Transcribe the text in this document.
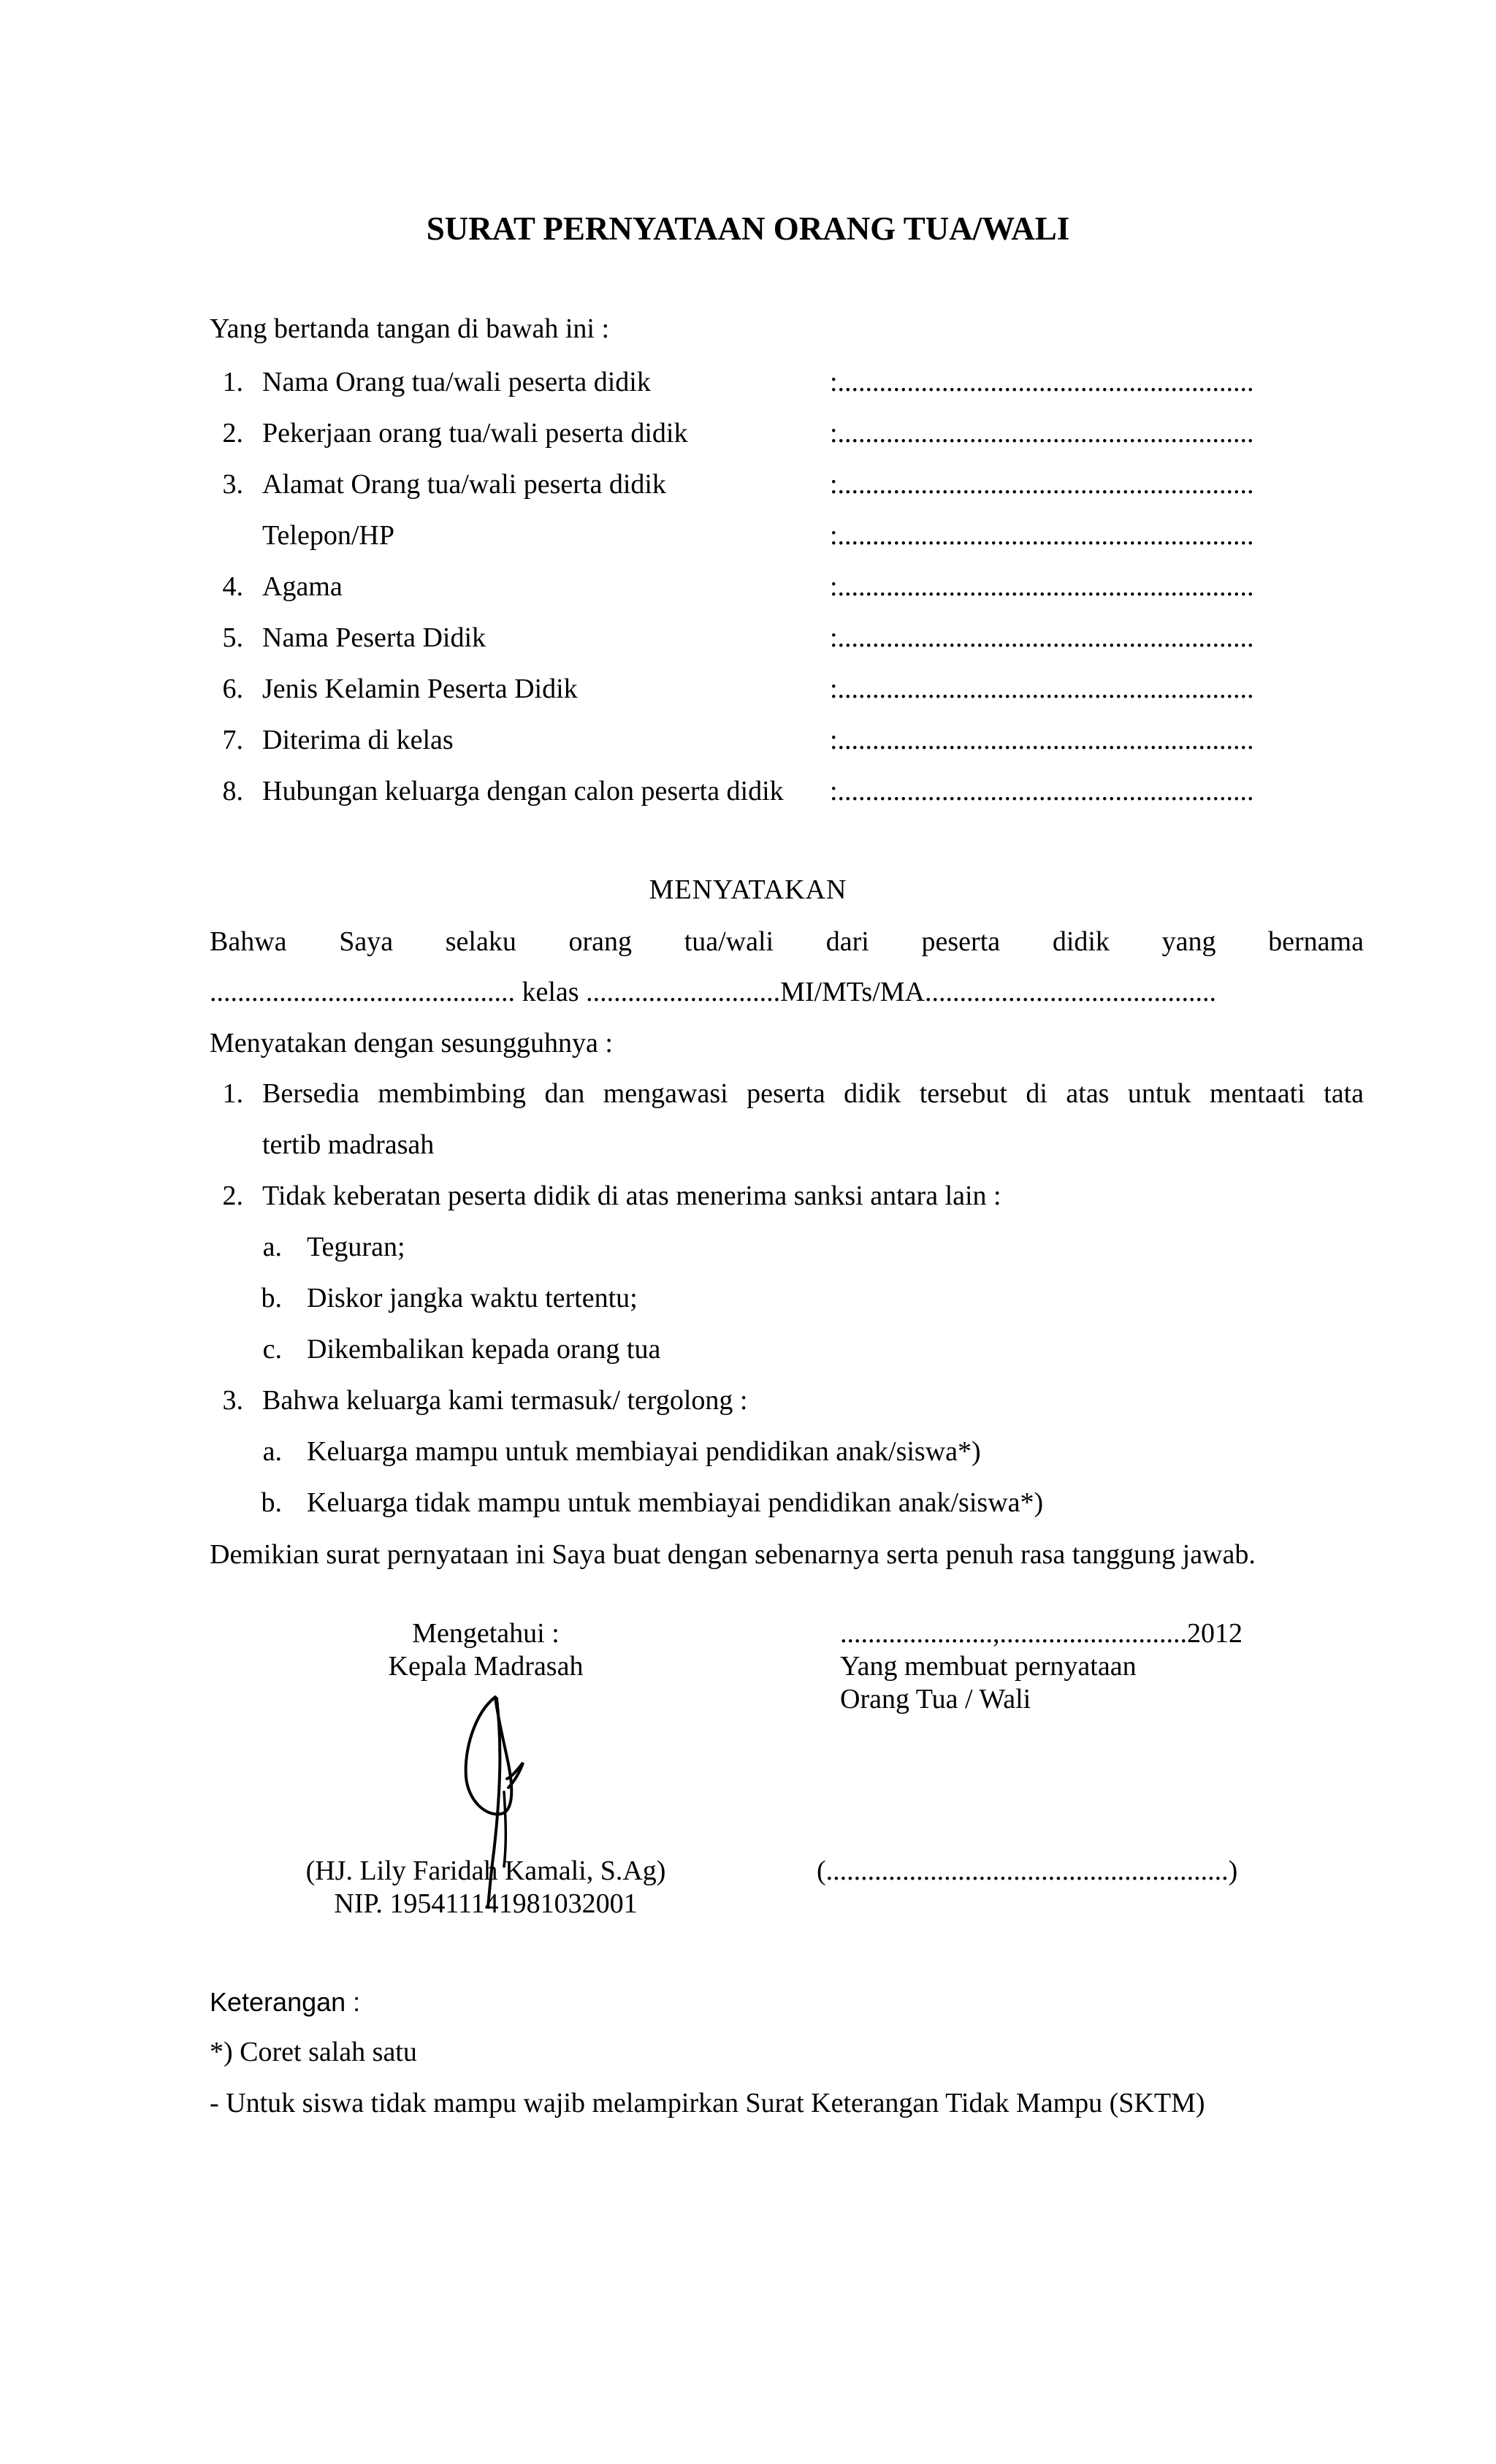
SURAT PERNYATAAN ORANG TUA/WALI
Yang bertanda tangan di bawah ini :
1. Nama Orang tua/wali peserta didik	:............................................................
2. Pekerjaan orang tua/wali peserta didik	:............................................................
3. Alamat Orang tua/wali peserta didik	:............................................................
Telepon/HP	:............................................................
4. Agama	:............................................................
5. Nama Peserta Didik	:............................................................
6. Jenis Kelamin Peserta Didik	:............................................................
7. Diterima di kelas	:............................................................
8. Hubungan keluarga dengan calon peserta didik :............................................................
MENYATAKAN
Bahwa Saya selaku orang tua/wali dari peserta didik yang bernama
............................................ kelas ............................MI/MTs/MA..........................................
Menyatakan dengan sesungguhnya :
1. Bersedia membimbing dan mengawasi peserta didik tersebut di atas untuk mentaati tata
tertib madrasah
2. Tidak keberatan peserta didik di atas menerima sanksi antara lain :
a. Teguran;
b. Diskor jangka waktu tertentu;
c. Dikembalikan kepada orang tua
3. Bahwa keluarga kami termasuk/ tergolong :
a. Keluarga mampu untuk membiayai pendidikan anak/siswa*)
b. Keluarga tidak mampu untuk membiayai pendidikan anak/siswa*)
Demikian surat pernyataan ini Saya buat dengan sebenarnya serta penuh rasa tanggung jawab.
Mengetahui :
Kepala Madrasah
(HJ. Lily Faridah Kamali, S.Ag)
NIP. 195411141981032001
......................,...........................2012
Yang membuat pernyataan
Orang Tua / Wali
(..........................................................)
Keterangan :
*) Coret salah satu
- Untuk siswa tidak mampu wajib melampirkan Surat Keterangan Tidak Mampu (SKTM)
